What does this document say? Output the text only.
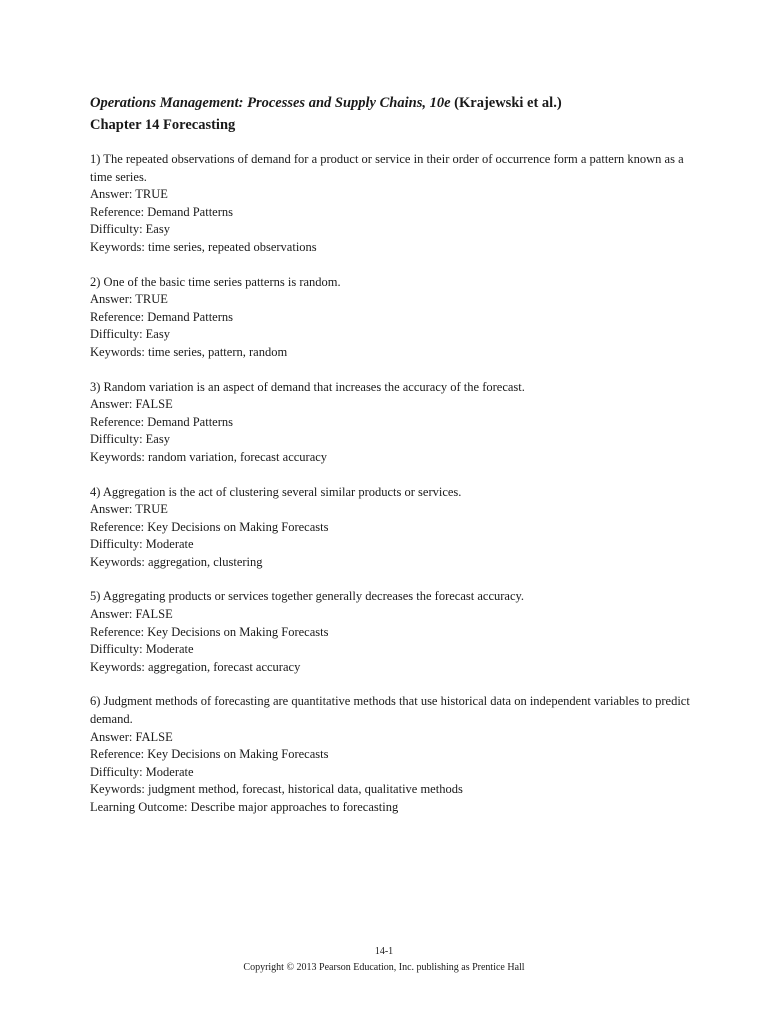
Operations Management: Processes and Supply Chains, 10e (Krajewski et al.)

Chapter 14 Forecasting

1) The repeated observations of demand for a product or service in their order of occurrence form a pattern known as a time series.

Answer: TRUE

Reference: Demand Patterns

Difficulty: Easy

Keywords: time series, repeated observations

2) One of the basic time series patterns is random.

Answer: TRUE

Reference: Demand Patterns

Difficulty: Easy

Keywords: time series, pattern, random

3) Random variation is an aspect of demand that increases the accuracy of the forecast.

Answer: FALSE

Reference: Demand Patterns

Difficulty: Easy

Keywords: random variation, forecast accuracy

4) Aggregation is the act of clustering several similar products or services.

Answer: TRUE

Reference: Key Decisions on Making Forecasts

Difficulty: Moderate

Keywords: aggregation, clustering

5) Aggregating products or services together generally decreases the forecast accuracy.

Answer: FALSE

Reference: Key Decisions on Making Forecasts

Difficulty: Moderate

Keywords: aggregation, forecast accuracy

6) Judgment methods of forecasting are quantitative methods that use historical data on independent variables to predict demand.

Answer: FALSE

Reference: Key Decisions on Making Forecasts

Difficulty: Moderate

Keywords: judgment method, forecast, historical data, qualitative methods

Learning Outcome: Describe major approaches to forecasting

14-1

Copyright © 2013 Pearson Education, Inc. publishing as Prentice Hall
